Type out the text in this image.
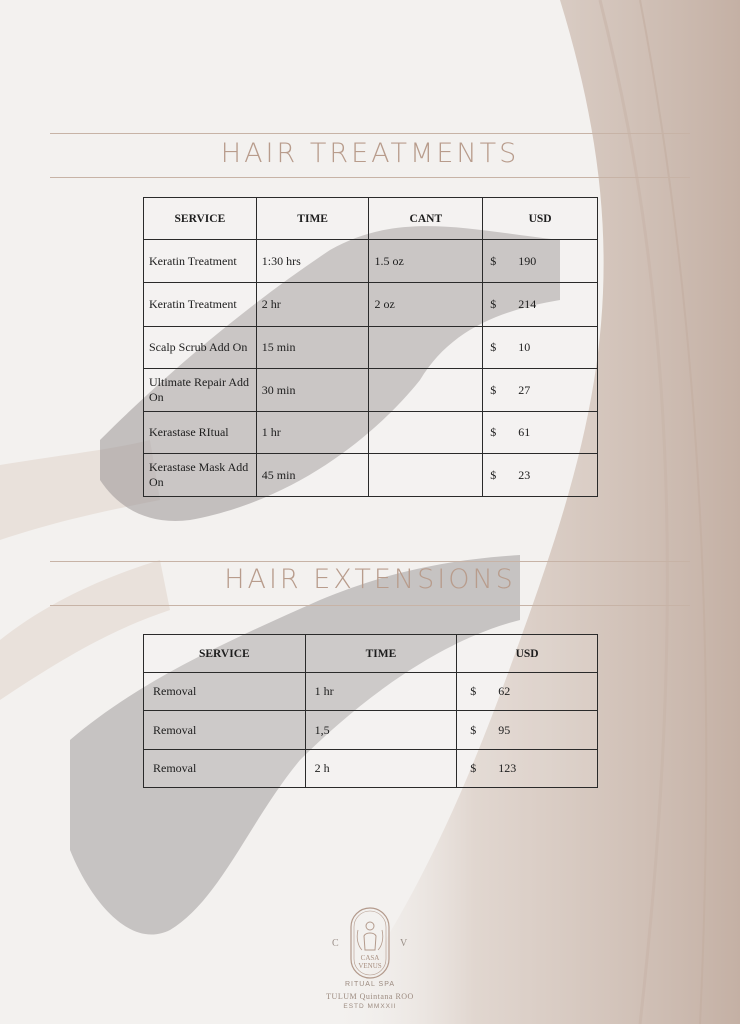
HAIR TREATMENTS
SERVICE	TIME	CANT	USD
Keratin Treatment	1:30 hrs	1.5 oz	$ 190

Keratin Treatment	2 hr	2 oz	$ 214

Scalp Scrub Add On	15 min		$ 10

Ultimate Repair Add On	30 min		$ 27

Kerastase RItual	1 hr		$ 61

Kerastase Mask Add On	45 min		$ 23
HAIR EXTENSIONS
SERVICE	TIME	USD
Removal	1 hr	$ 62

Removal	1,5	$ 95

Removal	2 h	$ 123
C	V
CASA
VENUS
RITUAL SPA
TULUM Quintana ROO
ESTD MMXXII
